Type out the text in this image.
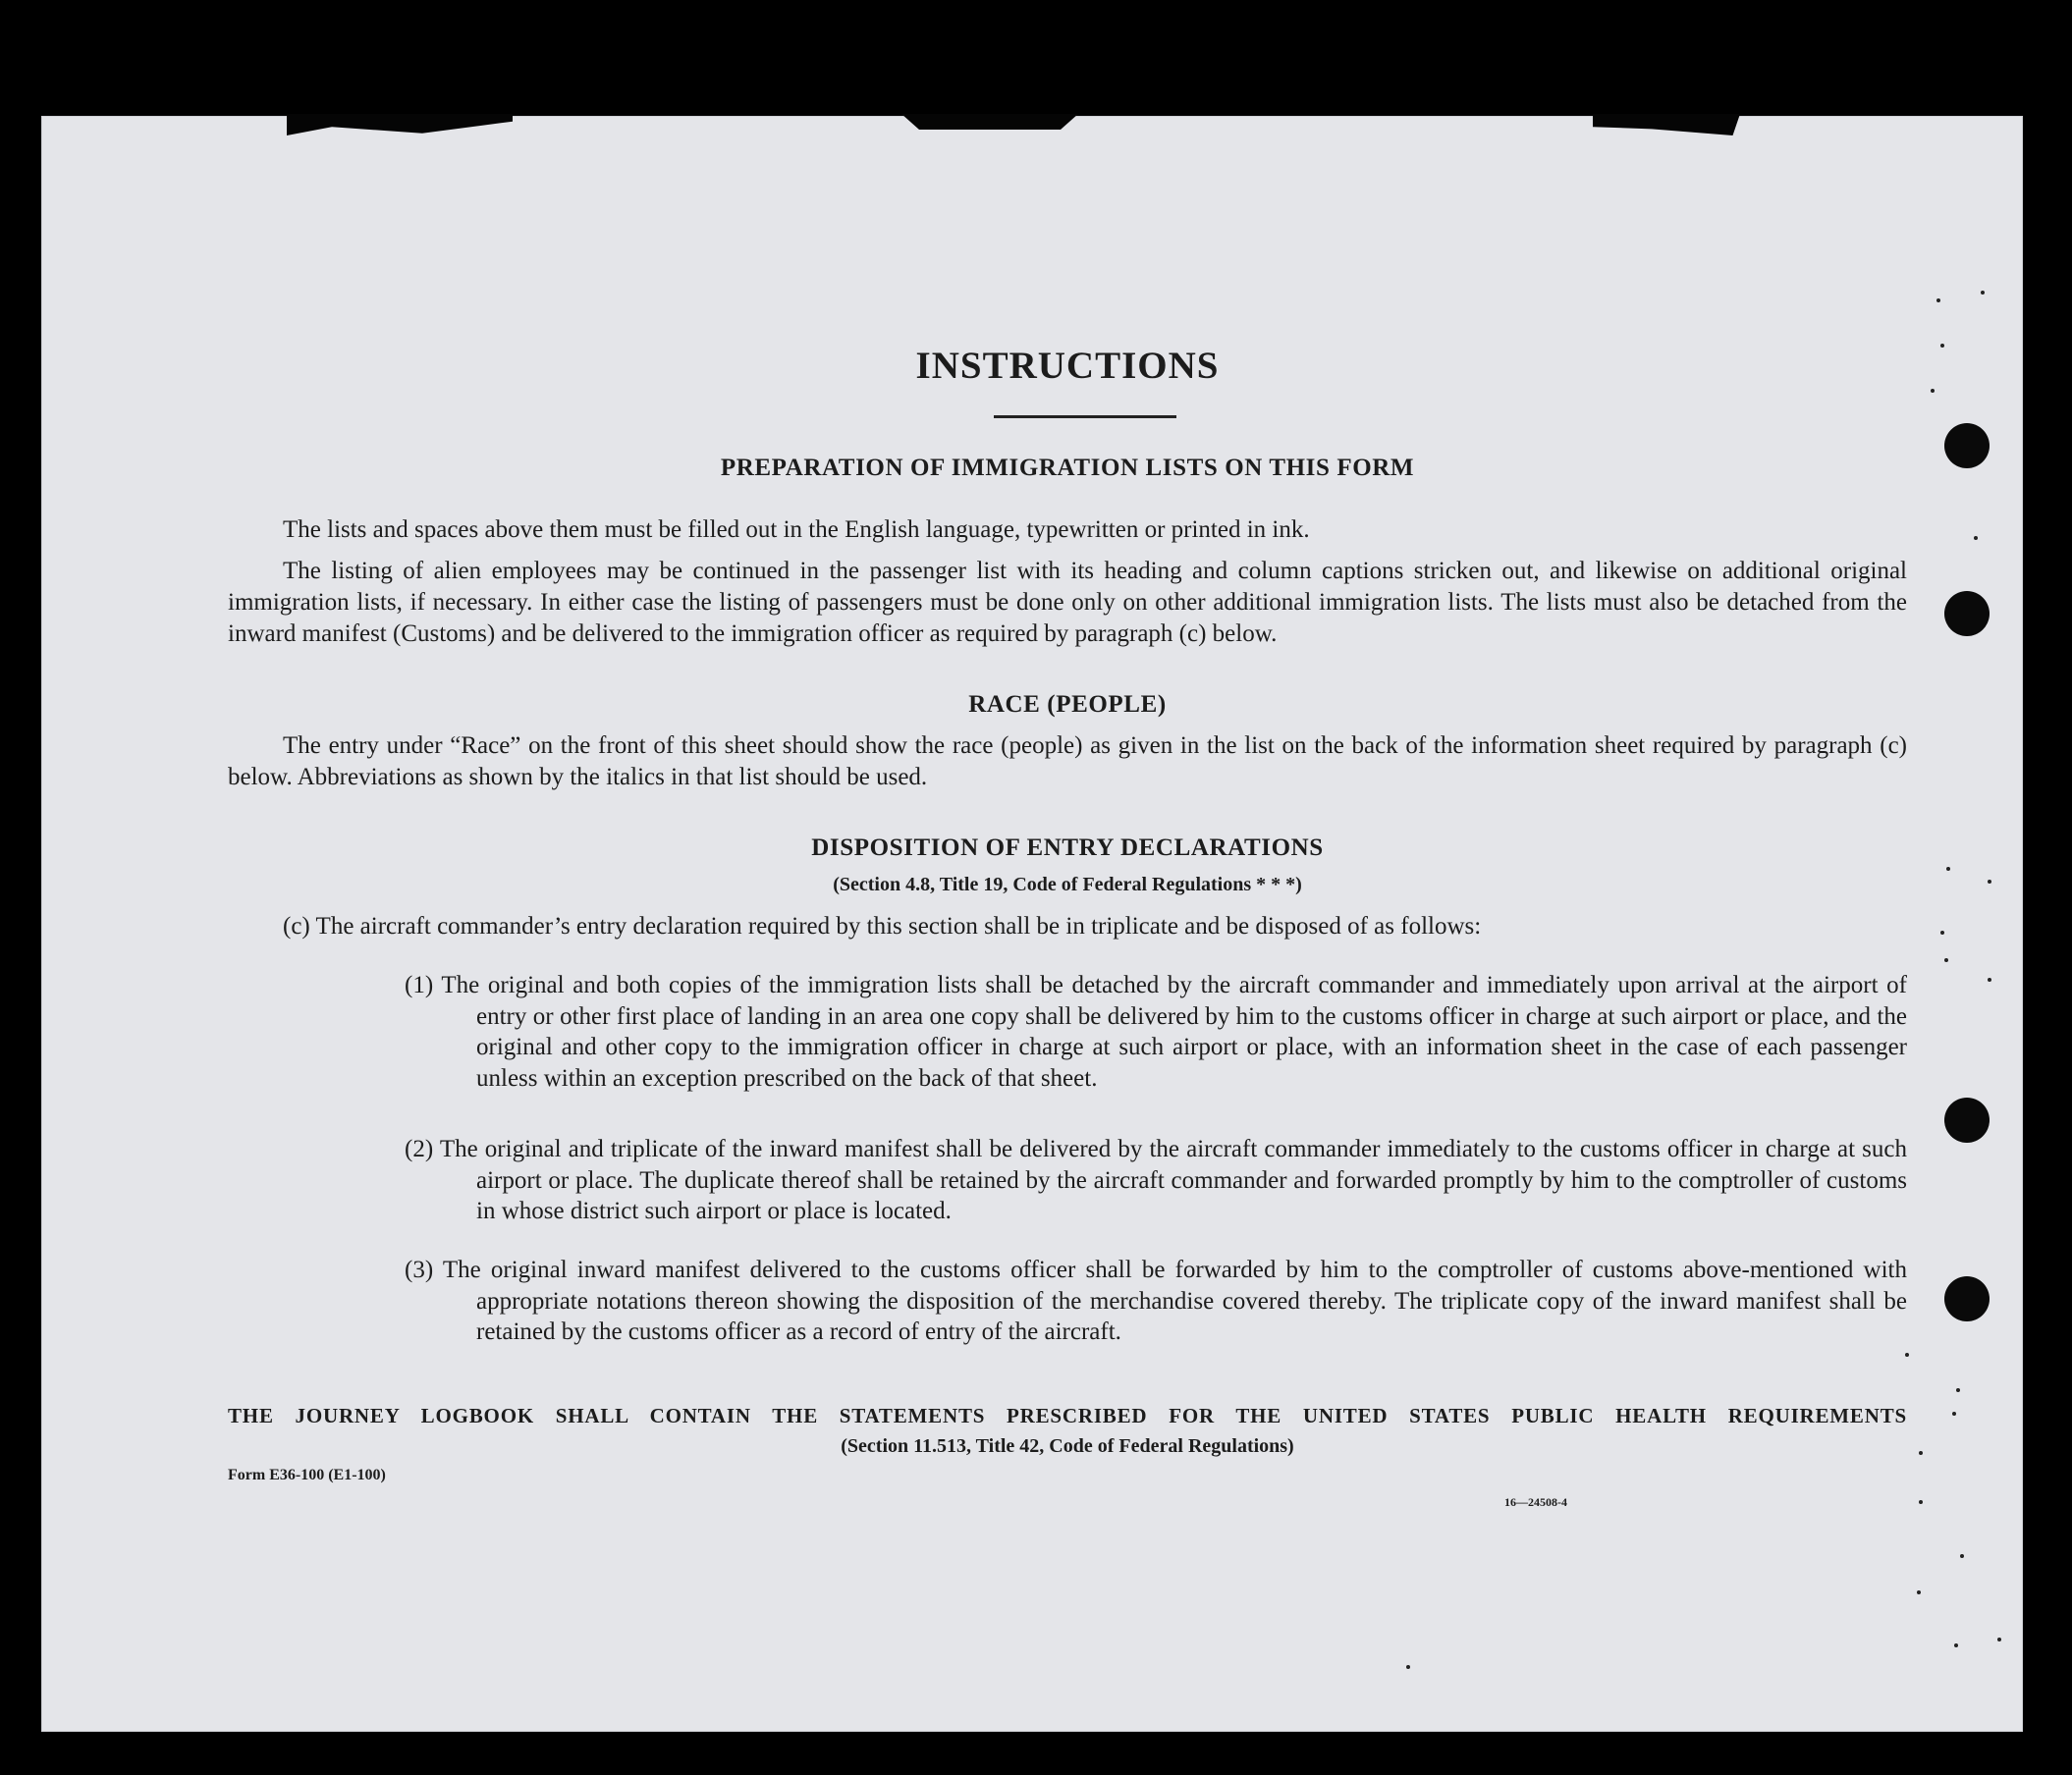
INSTRUCTIONS
PREPARATION OF IMMIGRATION LISTS ON THIS FORM
The lists and spaces above them must be filled out in the English language, typewritten or printed in ink.
The listing of alien employees may be continued in the passenger list with its heading and column captions stricken out, and likewise on additional original immigration lists, if necessary. In either case the listing of passengers must be done only on other additional immigration lists. The lists must also be detached from the inward manifest (Customs) and be delivered to the immigration officer as required by paragraph (c) below.
RACE (PEOPLE)
The entry under “Race” on the front of this sheet should show the race (people) as given in the list on the back of the information sheet required by paragraph (c) below. Abbreviations as shown by the italics in that list should be used.
DISPOSITION OF ENTRY DECLARATIONS
(Section 4.8, Title 19, Code of Federal Regulations * * *)
(c) The aircraft commander’s entry declaration required by this section shall be in triplicate and be disposed of as follows:
(1) The original and both copies of the immigration lists shall be detached by the aircraft commander and immediately upon arrival at the airport of entry or other first place of landing in an area one copy shall be delivered by him to the customs officer in charge at such airport or place, and the original and other copy to the immigration officer in charge at such airport or place, with an information sheet in the case of each passenger unless within an exception prescribed on the back of that sheet.
(2) The original and triplicate of the inward manifest shall be delivered by the aircraft commander immediately to the customs officer in charge at such airport or place. The duplicate thereof shall be retained by the aircraft commander and forwarded promptly by him to the comptroller of customs in whose district such airport or place is located.
(3) The original inward manifest delivered to the customs officer shall be forwarded by him to the comptroller of customs above-mentioned with appropriate notations thereon showing the disposition of the merchandise covered thereby. The triplicate copy of the inward manifest shall be retained by the customs officer as a record of entry of the aircraft.
THE JOURNEY LOGBOOK SHALL CONTAIN THE STATEMENTS PRESCRIBED FOR THE UNITED STATES PUBLIC HEALTH REQUIREMENTS
(Section 11.513, Title 42, Code of Federal Regulations)
Form E36-100 (E1-100)
16—24508-4
